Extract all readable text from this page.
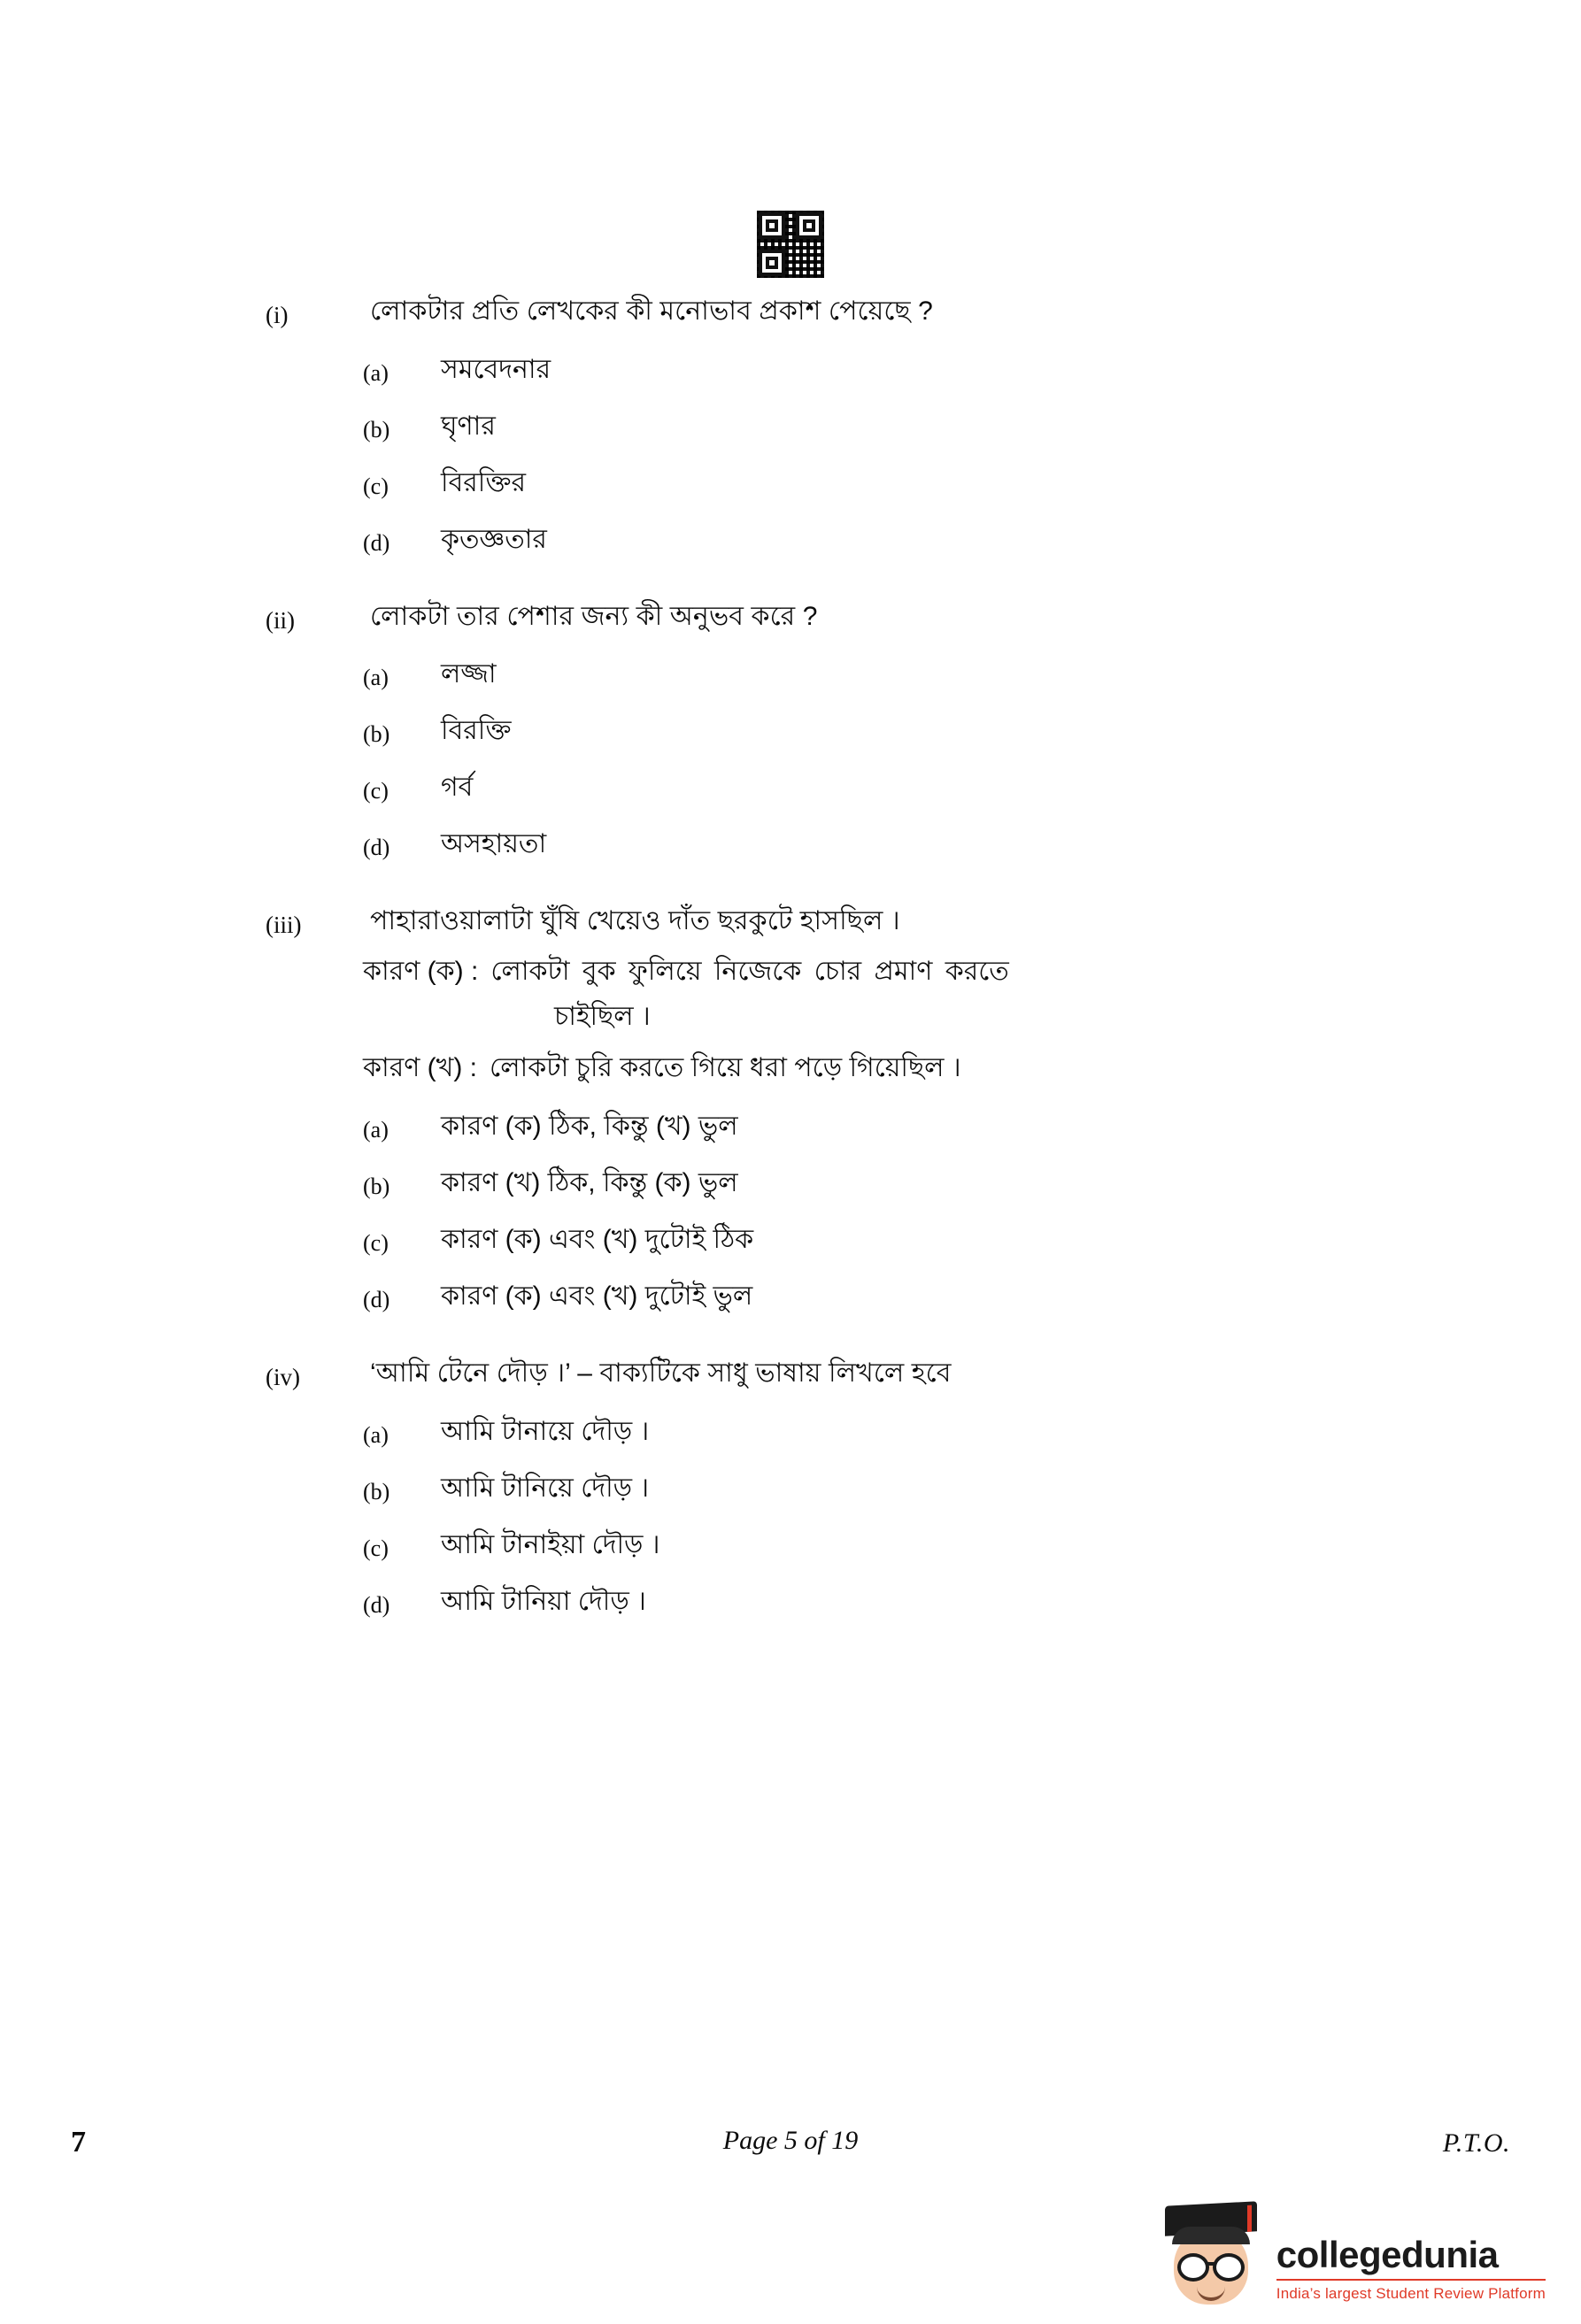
(i)	লোকটার প্রতি লেখকের কী মনোভাব প্রকাশ পেয়েছে ?
(a)	সমবেদনার
(b)	ঘৃণার
(c)	বিরক্তির
(d)	কৃতজ্ঞতার
(ii)	লোকটা তার পেশার জন্য কী অনুভব করে ?
(a)	লজ্জা
(b)	বিরক্তি
(c)	গর্ব
(d)	অসহায়তা
(iii)	পাহারাওয়ালাটা ঘুঁষি খেয়েও দাঁত ছরকুটে হাসছিল ।
কারণ (ক) : লোকটা বুক ফুলিয়ে নিজেকে চোর প্রমাণ করতে
চাইছিল ।
কারণ (খ) : লোকটা চুরি করতে গিয়ে ধরা পড়ে গিয়েছিল ।
(a)	কারণ (ক) ঠিক, কিন্তু (খ) ভুল
(b)	কারণ (খ) ঠিক, কিন্তু (ক) ভুল
(c)	কারণ (ক) এবং (খ) দুটোই ঠিক
(d)	কারণ (ক) এবং (খ) দুটোই ভুল
(iv)	‘আমি টেনে দৌড় ।’ – বাক্যটিকে সাধু ভাষায় লিখলে হবে
(a)	আমি টানায়ে দৌড় ।
(b)	আমি টানিয়ে দৌড় ।
(c)	আমি টানাইয়া দৌড় ।
(d)	আমি টানিয়া দৌড় ।
7	Page 5 of 19	P.T.O.
collegedunia
India’s largest Student Review Platform
